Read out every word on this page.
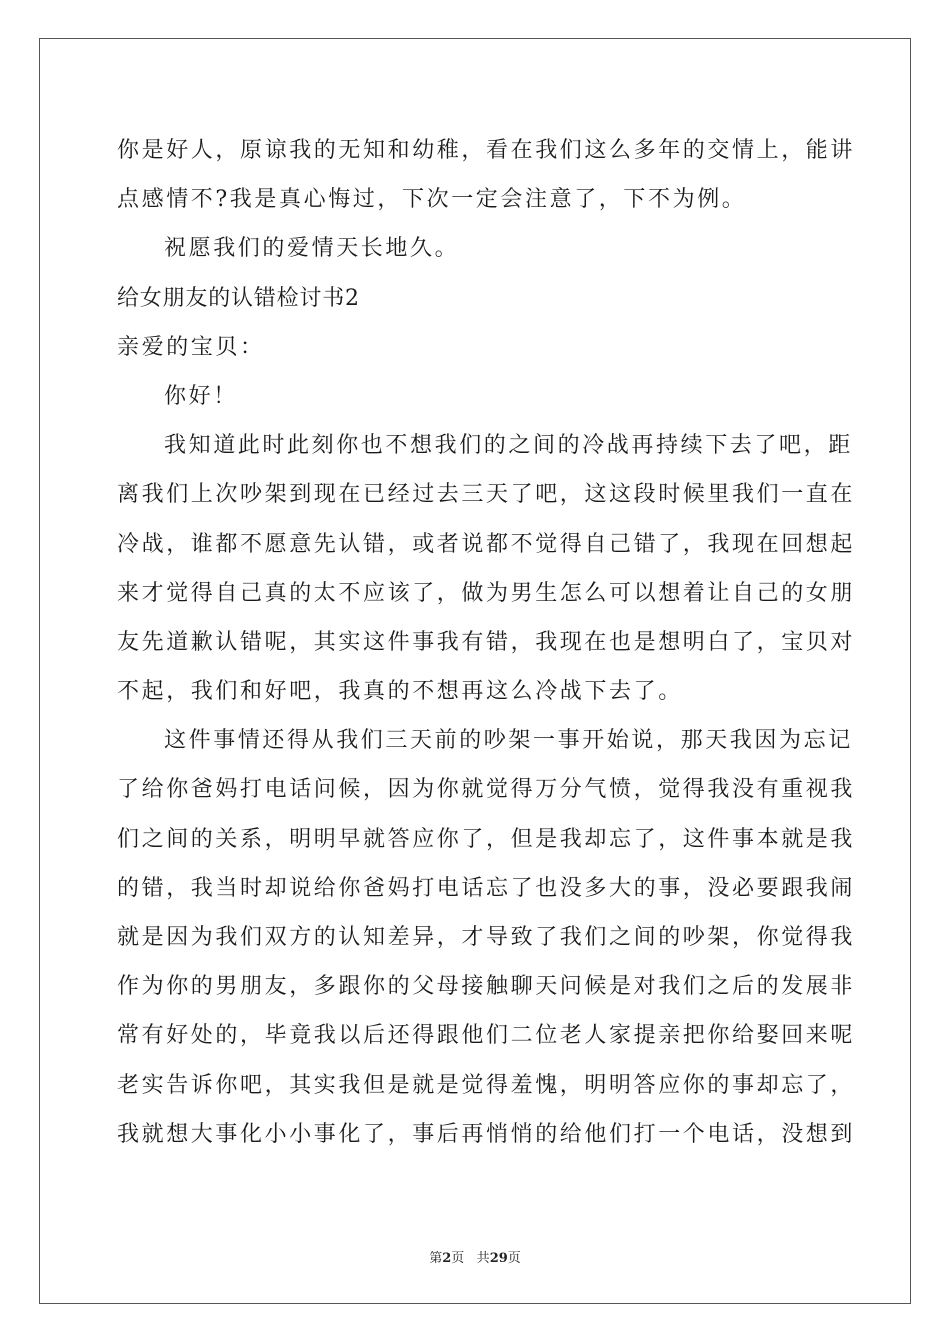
你是好人，原谅我的无知和幼稚，看在我们这么多年的交情上，能讲
点感情不?我是真心悔过，下次一定会注意了，下不为例。
祝愿我们的爱情天长地久。
给女朋友的认错检讨书2
亲爱的宝贝：
你好！
我知道此时此刻你也不想我们的之间的冷战再持续下去了吧，距
离我们上次吵架到现在已经过去三天了吧，这这段时候里我们一直在
冷战，谁都不愿意先认错，或者说都不觉得自己错了，我现在回想起
来才觉得自己真的太不应该了，做为男生怎么可以想着让自己的女朋
友先道歉认错呢，其实这件事我有错，我现在也是想明白了，宝贝对
不起，我们和好吧，我真的不想再这么冷战下去了。
这件事情还得从我们三天前的吵架一事开始说，那天我因为忘记
了给你爸妈打电话问候，因为你就觉得万分气愤，觉得我没有重视我
们之间的关系，明明早就答应你了，但是我却忘了，这件事本就是我
的错，我当时却说给你爸妈打电话忘了也没多大的事，没必要跟我闹
就是因为我们双方的认知差异，才导致了我们之间的吵架，你觉得我
作为你的男朋友，多跟你的父母接触聊天问候是对我们之后的发展非
常有好处的，毕竟我以后还得跟他们二位老人家提亲把你给娶回来呢
老实告诉你吧，其实我但是就是觉得羞愧，明明答应你的事却忘了，
我就想大事化小小事化了，事后再悄悄的给他们打一个电话，没想到
第2页 共29页
